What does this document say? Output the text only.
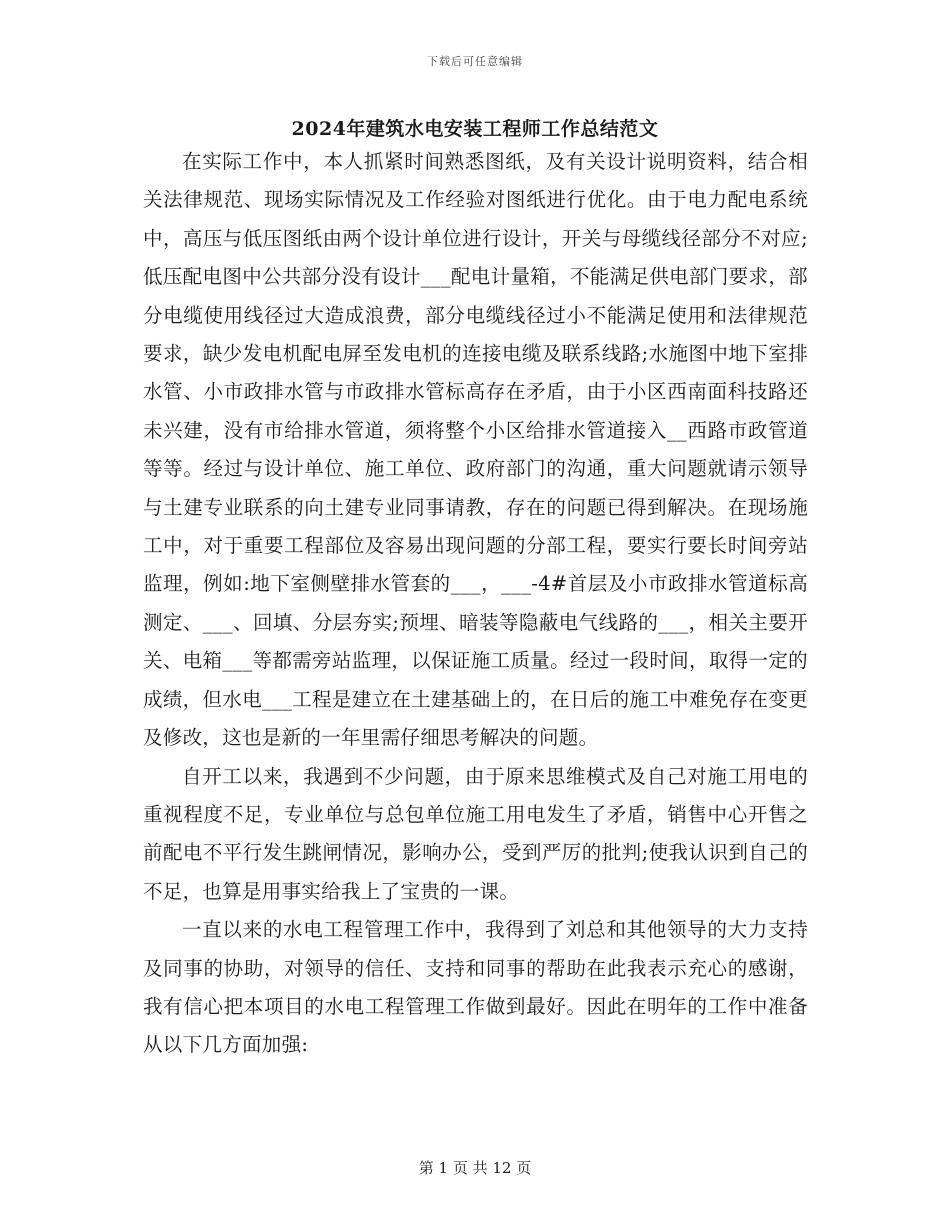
下载后可任意编辑
2024年建筑水电安装工程师工作总结范文

在实际工作中，本人抓紧时间熟悉图纸，及有关设计说明资料，结合相关法律规范、现场实际情况及工作经验对图纸进行优化。由于电力配电系统中，高压与低压图纸由两个设计单位进行设计，开关与母缆线径部分不对应;低压配电图中公共部分没有设计___配电计量箱，不能满足供电部门要求，部分电缆使用线径过大造成浪费，部分电缆线径过小不能满足使用和法律规范要求，缺少发电机配电屏至发电机的连接电缆及联系线路;水施图中地下室排水管、小市政排水管与市政排水管标高存在矛盾，由于小区西南面科技路还未兴建，没有市给排水管道，须将整个小区给排水管道接入__西路市政管道等等。经过与设计单位、施工单位、政府部门的沟通，重大问题就请示领导与土建专业联系的向土建专业同事请教，存在的问题已得到解决。在现场施工中，对于重要工程部位及容易出现问题的分部工程，要实行要长时间旁站监理，例如:地下室侧壁排水管套的___，___-4#首层及小市政排水管道标高测定、___、回填、分层夯实;预埋、暗装等隐蔽电气线路的___，相关主要开关、电箱___等都需旁站监理，以保证施工质量。经过一段时间，取得一定的成绩，但水电___工程是建立在土建基础上的，在日后的施工中难免存在变更及修改，这也是新的一年里需仔细思考解决的问题。

自开工以来，我遇到不少问题，由于原来思维模式及自己对施工用电的重视程度不足，专业单位与总包单位施工用电发生了矛盾，销售中心开售之前配电不平行发生跳闸情况，影响办公，受到严厉的批判;使我认识到自己的不足，也算是用事实给我上了宝贵的一课。

一直以来的水电工程管理工作中，我得到了刘总和其他领导的大力支持及同事的协助，对领导的信任、支持和同事的帮助在此我表示充心的感谢，我有信心把本项目的水电工程管理工作做到最好。因此在明年的工作中准备从以下几方面加强:

第 1 页 共 12 页
